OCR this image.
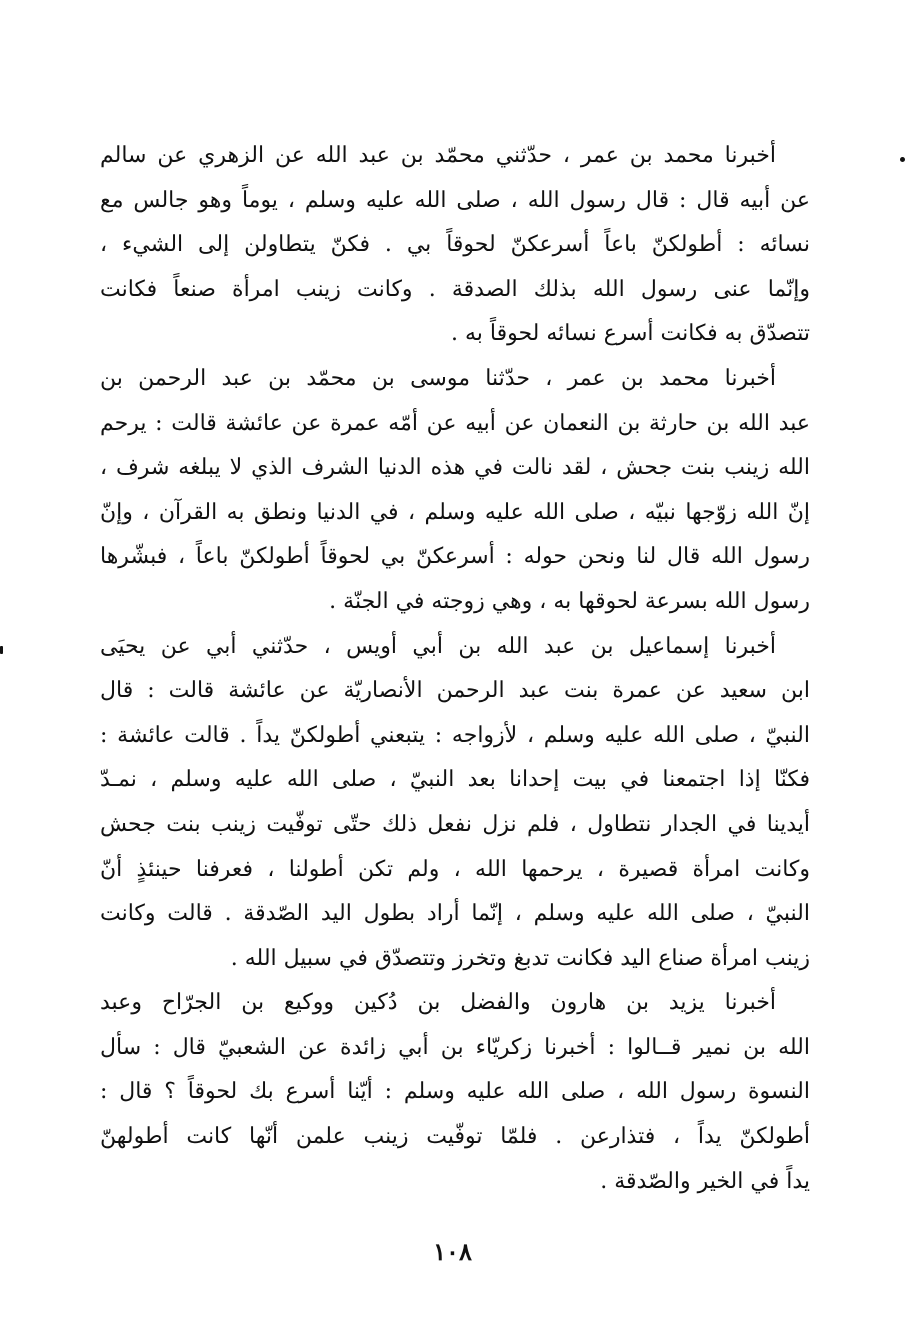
أخبرنا محمد بن عمر ، حدّثني محمّد بن عبد الله عن الزهري عن سالم
عن أبيه قال : قال رسول الله ، صلى الله عليه وسلم ، يوماً وهو جالس مع
نسائه : أطولكنّ باعاً أسرعكنّ لحوقاً بي . فكنّ يتطاولن إلى الشيء ،
وإنّما عنى رسول الله بذلك الصدقة . وكانت زينب امرأة صنعاً فكانت
تتصدّق به فكانت أسرع نسائه لحوقاً به .
أخبرنا محمد بن عمر ، حدّثنا موسى بن محمّد بن عبد الرحمن بن
عبد الله بن حارثة بن النعمان عن أبيه عن أمّه عمرة عن عائشة قالت : يرحم
الله زينب بنت جحش ، لقد نالت في هذه الدنيا الشرف الذي لا يبلغه شرف ،
إنّ الله زوّجها نبيّه ، صلى الله عليه وسلم ، في الدنيا ونطق به القرآن ، وإنّ
رسول الله قال لنا ونحن حوله : أسرعكنّ بي لحوقاً أطولكنّ باعاً ، فبشّرها
رسول الله بسرعة لحوقها به ، وهي زوجته في الجنّة .
أخبرنا إسماعيل بن عبد الله بن أبي أويس ، حدّثني أبي عن يحيَى
ابن سعيد عن عمرة بنت عبد الرحمن الأنصاريّة عن عائشة قالت : قال
النبيّ ، صلى الله عليه وسلم ، لأزواجه : يتبعني أطولكنّ يداً . قالت عائشة :
فكنّا إذا اجتمعنا في بيت إحدانا بعد النبيّ ، صلى الله عليه وسلم ، نمـدّ
أيدينا في الجدار نتطاول ، فلم نزل نفعل ذلك حتّى توفّيت زينب بنت جحش
وكانت امرأة قصيرة ، يرحمها الله ، ولم تكن أطولنا ، فعرفنا حينئذٍ أنّ
النبيّ ، صلى الله عليه وسلم ، إنّما أراد بطول اليد الصّدقة . قالت وكانت
زينب امرأة صناع اليد فكانت تدبغ وتخرز وتتصدّق في سبيل الله .
أخبرنا يزيد بن هارون والفضل بن دُكين ووكيع بن الجرّاح وعبد
الله بن نمير قــالوا : أخبرنا زكريّاء بن أبي زائدة عن الشعبيّ قال : سأل
النسوة رسول الله ، صلى الله عليه وسلم : أيّنا أسرع بك لحوقاً ؟ قال :
أطولكنّ يداً ، فتذارعن . فلمّا توفّيت زينب علمن أنّها كانت أطولهنّ
يداً في الخير والصّدقة .
١٠٨
